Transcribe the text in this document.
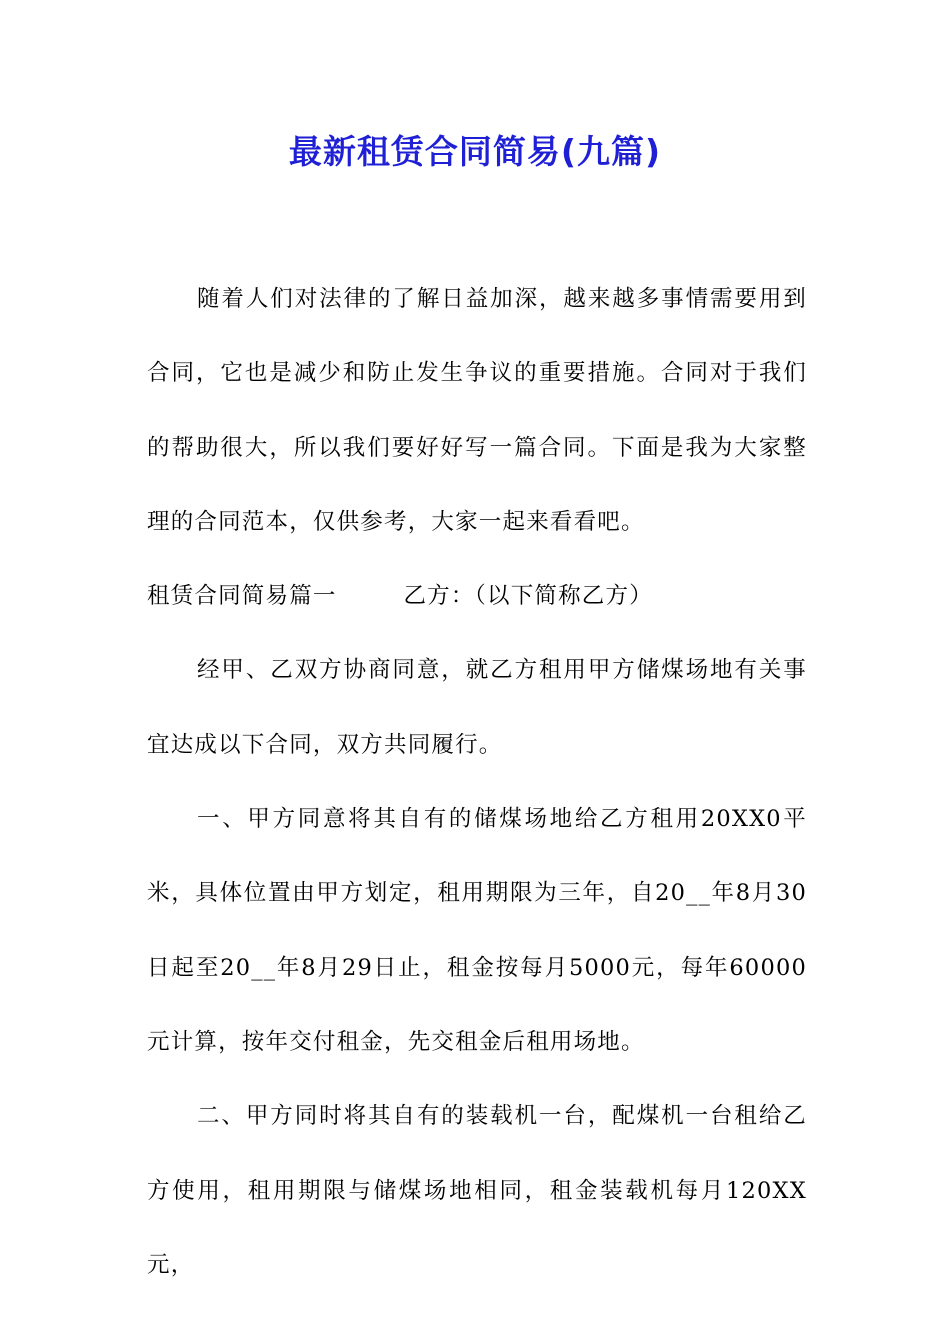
最新租赁合同简易(九篇)

随着人们对法律的了解日益加深，越来越多事情需要用到合同，它也是减少和防止发生争议的重要措施。合同对于我们的帮助很大，所以我们要好好写一篇合同。下面是我为大家整理的合同范本，仅供参考，大家一起来看看吧。

租赁合同简易篇一	乙方：（以下简称乙方）

经甲、乙双方协商同意，就乙方租用甲方储煤场地有关事宜达成以下合同，双方共同履行。

一、甲方同意将其自有的储煤场地给乙方租用20XX0平米，具体位置由甲方划定，租用期限为三年，自20__年8月30日起至20__年8月29日止，租金按每月5000元，每年60000元计算，按年交付租金，先交租金后租用场地。

二、甲方同时将其自有的装载机一台，配煤机一台租给乙方使用，租用期限与储煤场地相同，租金装载机每月120XX元，
